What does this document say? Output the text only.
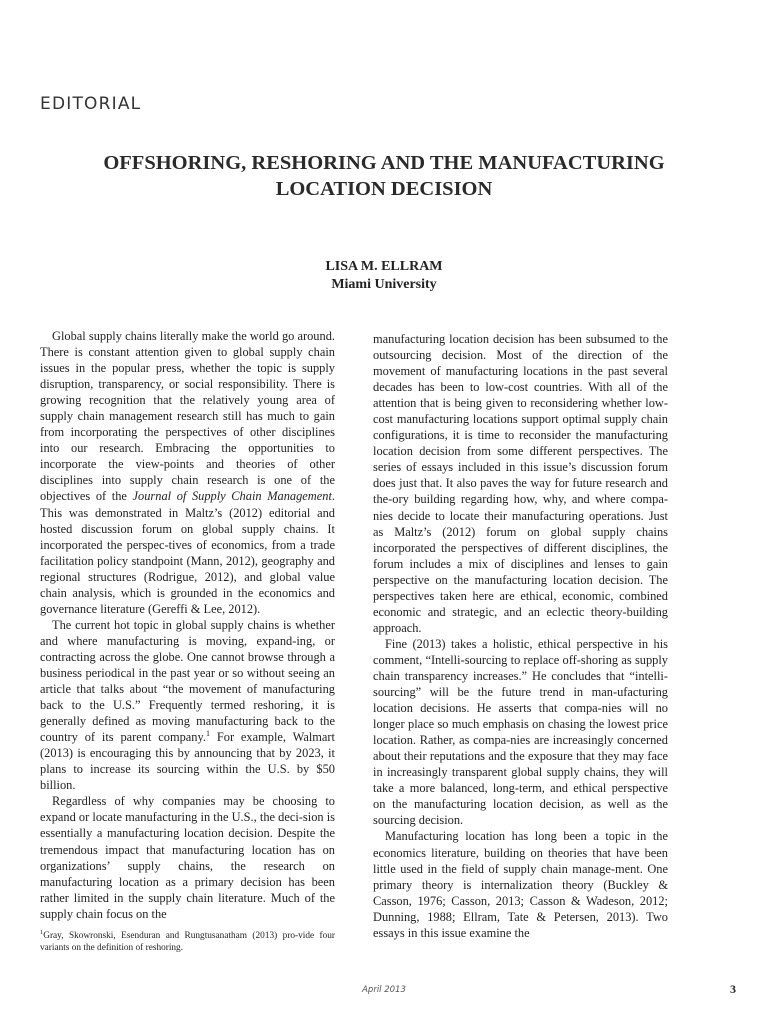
EDITORIAL
OFFSHORING, RESHORING AND THE MANUFACTURING
LOCATION DECISION
LISA M. ELLRAM
Miami University

Global supply chains literally make the world go around. There is constant attention given to global supply chain issues in the popular press, whether the topic is supply disruption, transparency, or social responsibility. There is growing recognition that the relatively young area of supply chain management research still has much to gain from incorporating the perspectives of other disciplines into our research. Embracing the opportunities to incorporate the view-points and theories of other disciplines into supply chain research is one of the objectives of the Journal of Supply Chain Management. This was demonstrated in Maltz’s (2012) editorial and hosted discussion forum on global supply chains. It incorporated the perspec-tives of economics, from a trade facilitation policy standpoint (Mann, 2012), geography and regional structures (Rodrigue, 2012), and global value chain analysis, which is grounded in the economics and governance literature (Gereffi & Lee, 2012).

The current hot topic in global supply chains is whether and where manufacturing is moving, expand-ing, or contracting across the globe. One cannot browse through a business periodical in the past year or so without seeing an article that talks about “the movement of manufacturing back to the U.S.” Frequently termed reshoring, it is generally defined as moving manufacturing back to the country of its parent company.$^1$ For example, Walmart (2013) is encouraging this by announcing that by 2023, it plans to increase its sourcing within the U.S. by $50 billion.

Regardless of why companies may be choosing to expand or locate manufacturing in the U.S., the deci-sion is essentially a manufacturing location decision. Despite the tremendous impact that manufacturing location has on organizations’ supply chains, the research on manufacturing location as a primary decision has been rather limited in the supply chain literature. Much of the supply chain focus on the

manufacturing location decision has been subsumed to the outsourcing decision. Most of the direction of the movement of manufacturing locations in the past several decades has been to low-cost countries. With all of the attention that is being given to reconsidering whether low-cost manufacturing locations support optimal supply chain configurations, it is time to reconsider the manufacturing location decision from some different perspectives. The series of essays included in this issue’s discussion forum does just that. It also paves the way for future research and the-ory building regarding how, why, and where compa-nies decide to locate their manufacturing operations. Just as Maltz’s (2012) forum on global supply chains incorporated the perspectives of different disciplines, the forum includes a mix of disciplines and lenses to gain perspective on the manufacturing location decision. The perspectives taken here are ethical, economic, combined economic and strategic, and an eclectic theory-building approach.

Fine (2013) takes a holistic, ethical perspective in his comment, “Intelli-sourcing to replace off-shoring as supply chain transparency increases.” He concludes that “intelli-sourcing” will be the future trend in man-ufacturing location decisions. He asserts that compa-nies will no longer place so much emphasis on chasing the lowest price location. Rather, as compa-nies are increasingly concerned about their reputations and the exposure that they may face in increasingly transparent global supply chains, they will take a more balanced, long-term, and ethical perspective on the manufacturing location decision, as well as the sourcing decision.

Manufacturing location has long been a topic in the economics literature, building on theories that have been little used in the field of supply chain manage-ment. One primary theory is internalization theory (Buckley & Casson, 1976; Casson, 2013; Casson & Wadeson, 2012; Dunning, 1988; Ellram, Tate & Petersen, 2013). Two essays in this issue examine the

$^1$Gray, Skowronski, Esenduran and Rungtusanatham (2013) pro-vide four variants on the definition of reshoring.
April 2013	3
